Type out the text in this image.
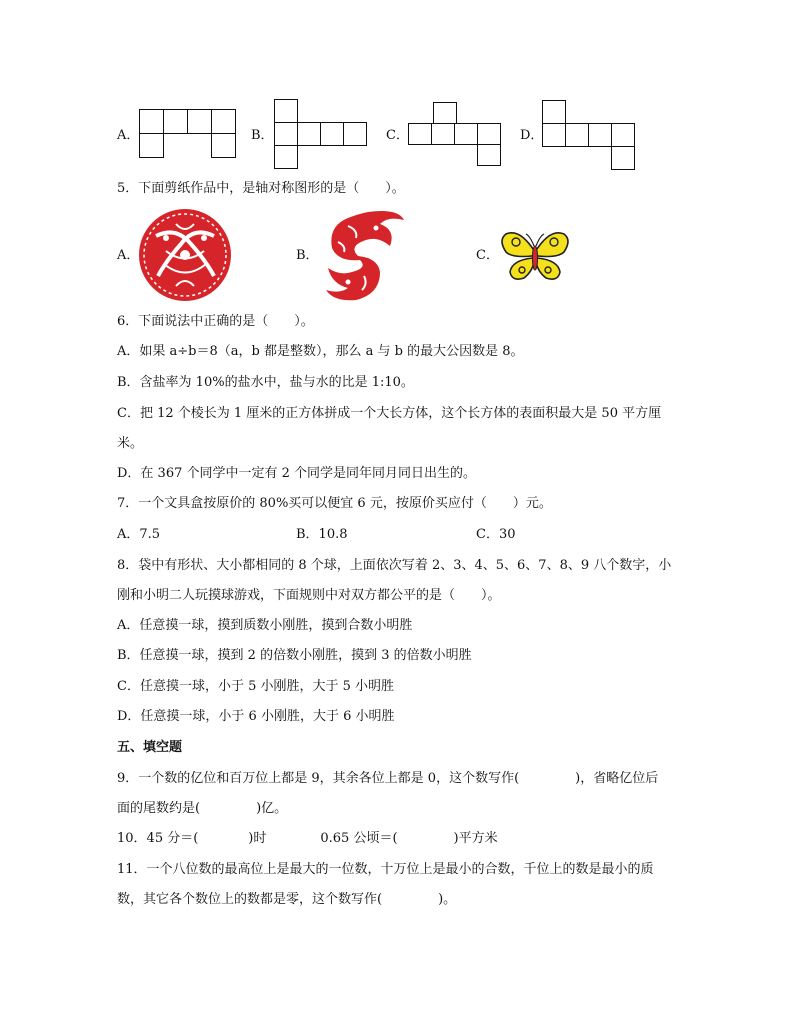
A．	B．	C．	D．
5．下面剪纸作品中，是轴对称图形的是（　　）。
A．	B．	C．
6．下面说法中正确的是（　　）。
A．如果 a÷b＝8（a，b 都是整数），那么 a 与 b 的最大公因数是 8。
B．含盐率为 10%的盐水中，盐与水的比是 1:10。
C．把 12 个棱长为 1 厘米的正方体拼成一个大长方体，这个长方体的表面积最大是 50 平方厘
米。
D．在 367 个同学中一定有 2 个同学是同年同月同日出生的。
7．一个文具盒按原价的 80%买可以便宜 6 元，按原价买应付（　　）元。
A．7.5	B．10.8	C．30
8．袋中有形状、大小都相同的 8 个球，上面依次写着 2、3、4、5、6、7、8、9 八个数字，小
刚和小明二人玩摸球游戏，下面规则中对双方都公平的是（　　）。
A．任意摸一球，摸到质数小刚胜，摸到合数小明胜
B．任意摸一球，摸到 2 的倍数小刚胜，摸到 3 的倍数小明胜
C．任意摸一球，小于 5 小刚胜，大于 5 小明胜
D．任意摸一球，小于 6 小刚胜，大于 6 小明胜
五、填空题
9．一个数的亿位和百万位上都是 9，其余各位上都是 0，这个数写作(	)，省略亿位后
面的尾数约是(	)亿。
10．45 分＝(	)时	0.65 公顷＝(	)平方米
11．一个八位数的最高位上是最大的一位数，十万位上是最小的合数，千位上的数是最小的质
数，其它各个数位上的数都是零，这个数写作(	)。
